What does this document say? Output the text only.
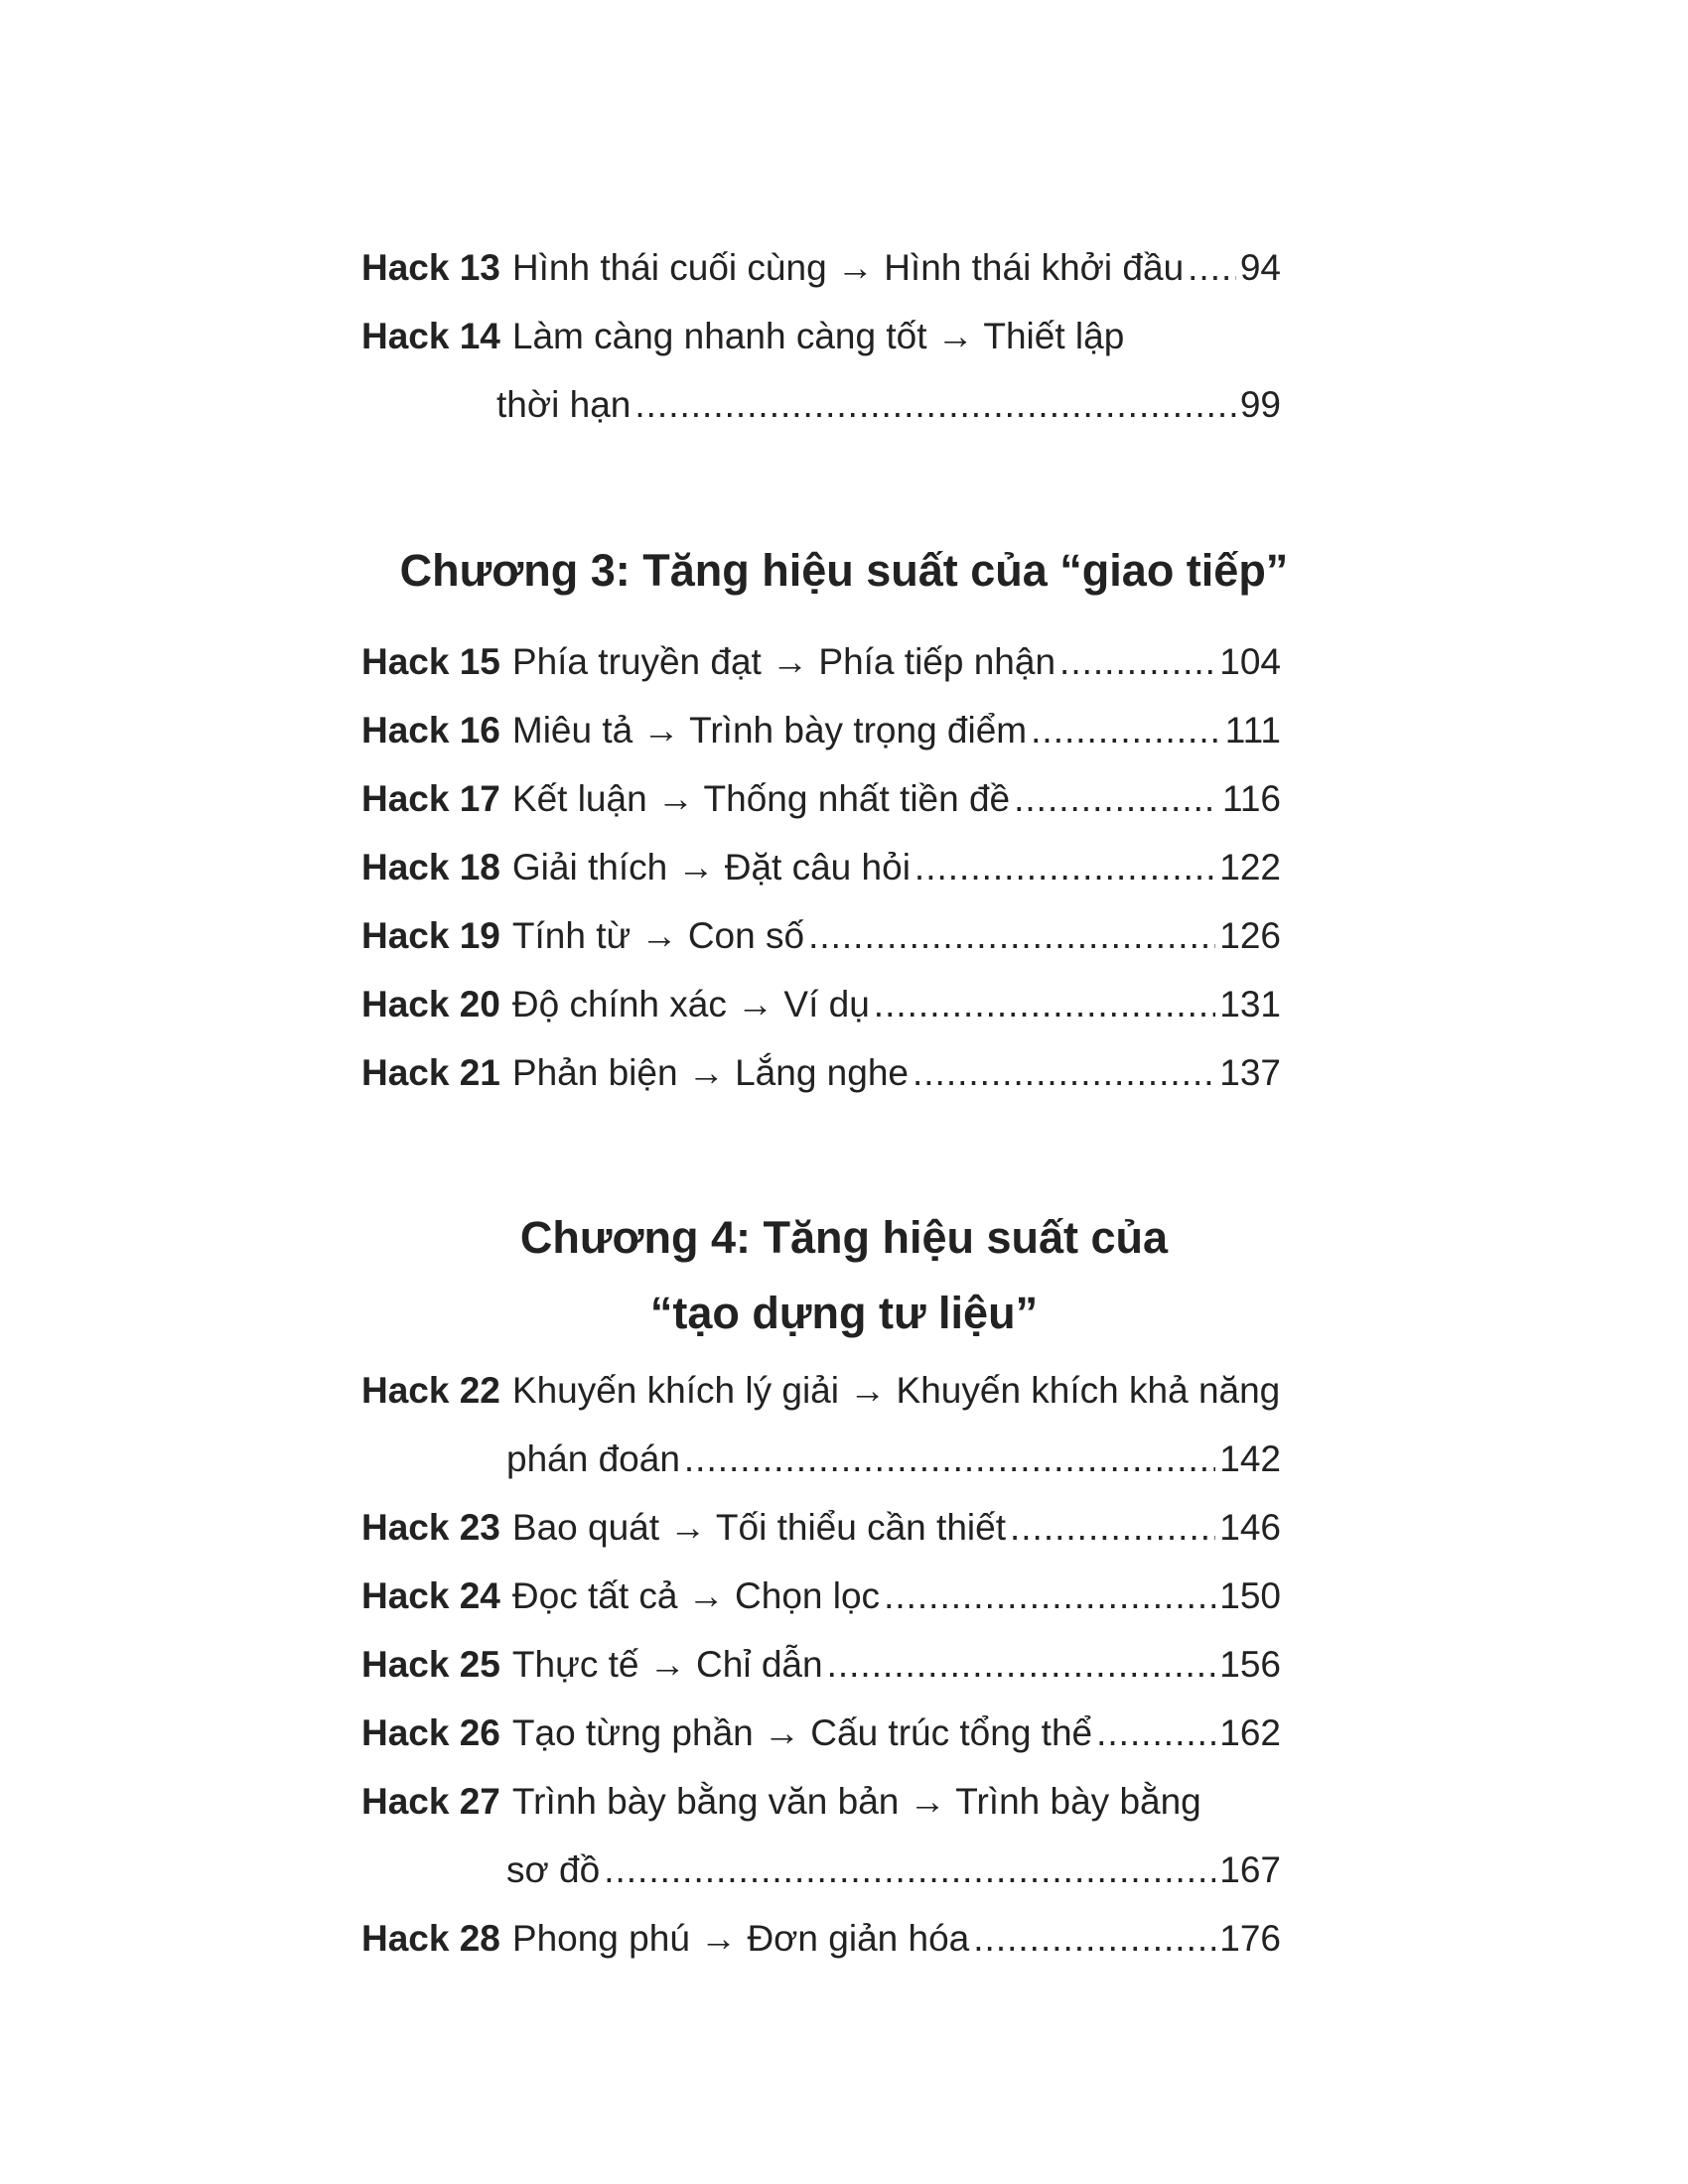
Hack 13 Hình thái cuối cùng → Hình thái khởi đầu ..... 94
Hack 14 Làm càng nhanh càng tốt → Thiết lập
thời hạn .....	99
Chương 3: Tăng hiệu suất của “giao tiếp”
Hack 15 Phía truyền đạt → Phía tiếp nhận .....	104
Hack 16 Miêu tả → Trình bày trọng điểm .....	111
Hack 17 Kết luận → Thống nhất tiền đề .....	116
Hack 18 Giải thích → Đặt câu hỏi .....	122
Hack 19 Tính từ → Con số .....	126
Hack 20 Độ chính xác → Ví dụ .....	131
Hack 21 Phản biện → Lắng nghe .....	137
Chương 4: Tăng hiệu suất của
“tạo dựng tư liệu”
Hack 22 Khuyến khích lý giải → Khuyến khích khả năng
phán đoán .....	142
Hack 23 Bao quát → Tối thiểu cần thiết .....	146
Hack 24 Đọc tất cả → Chọn lọc .....	150
Hack 25 Thực tế → Chỉ dẫn .....	156
Hack 26 Tạo từng phần → Cấu trúc tổng thể .....	162
Hack 27 Trình bày bằng văn bản → Trình bày bằng
sơ đồ .....	167
Hack 28 Phong phú → Đơn giản hóa .....	176
